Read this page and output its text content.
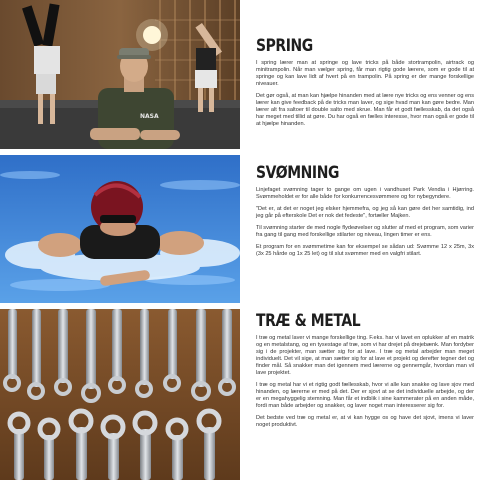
NASA
SPRING

I spring lærer man at springe og lave tricks på både stortrampolin, airtrack og minitrampolin. Når man vælger spring, får man rigtig gode lærere, som er gode til at springe og kan lave lidt af hvert på en trampolin. På spring er der mange forskellige niveauer.

Det gør også, at man kan hjælpe hinanden med at lære nye tricks og ens venner og ens lærer kan give feedback på de tricks man laver, og sige hvad man kan gøre bedre. Man lærer alt fra saltoer til double salto med skrue. Man får et godt fællesskab, da det også har meget med tillid at gøre. Du har også en fælles interesse, hvor man også er gode til at hjælpe hinanden.

SVØMNING

Linjefaget svømning tager to gange om ugen i vandhuset Park Vendia i Hjørring. Svømmeholdet er for alle både for konkurrencesvømmere og for nybegyndere.

"Det er, at det er noget jeg elsker hjemmefra, og jeg så kan gøre det her samtidig, ind jeg går på efterskole Det er nok det fedeste", fortæller Majken.

Til svømning starter de med nogle flydeøvelser og slutter af med et program, som varier fra gang til gang med forskellige stilarter og niveau, lingen timer er ens.

Et program for en svømmetime kan for eksempel se sådan ud: Svømme 12 x 25m, 3x (3x 25 hårde og 1x 25 let) og til slut svømmer med en valgfri stilart.

TRÆ & METAL

I træ og metal laver vi mange forskellige ting. F.eks. har vi lavet en oplukker af en matrik og en metalstang, og en tysestage af træ, som vi har drejet på drejebænk. Man fordyber sig i de projekter, man sætter sig for at lave. I træ og metal arbejder man meget individuelt. Det vil sige, at man sætter sig for at lave et projekt og derefter tegner det og finder mål. Så snakker man det igennem med lærerne og gennemgår, hvordan man vil lave projektet.

I træ og metal har vi et rigtig godt fællesskab, hvor vi alle kan snakke og lave sjov med hinanden, og lærerne er med på det. Der er sjovt at se det individuelle arbejde, og der er en megahyggelig stemning. Man får et indblik i sine kammerater på en anden måde, fordi man både arbejder og snakker, og laver noget man interesserer sig for.

Det bedste ved træ og metal er, at vi kan hygge os og have det sjovt, imens vi laver noget produktivt.
